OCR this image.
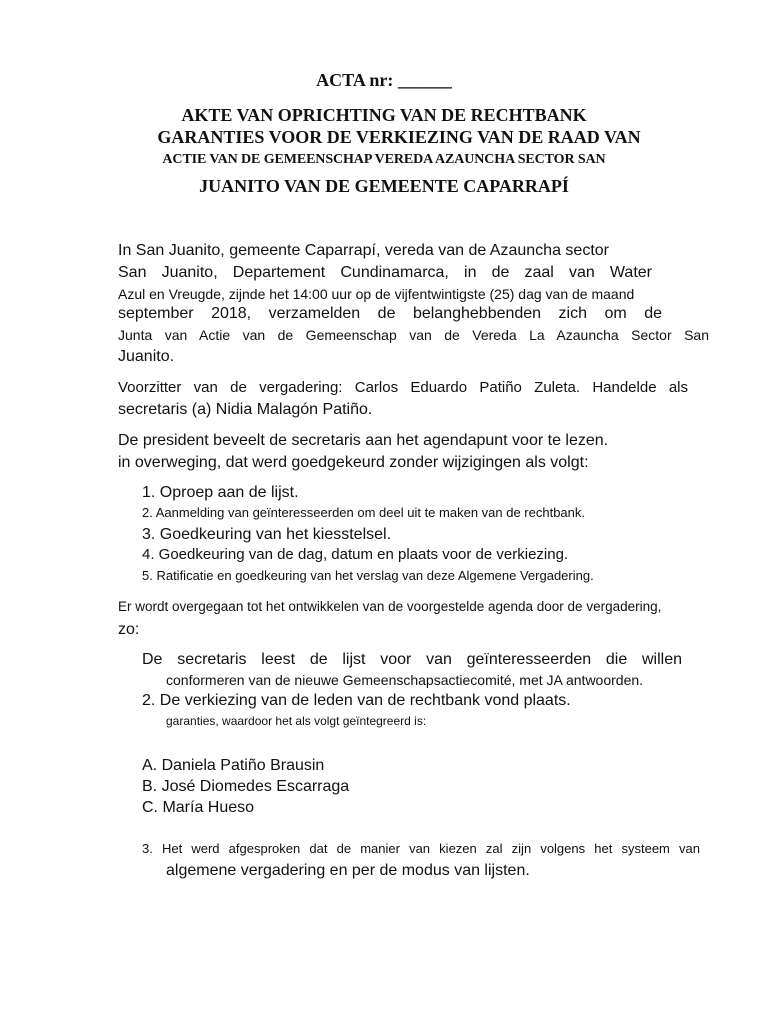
ACTA nr: ______
AKTE VAN OPRICHTING VAN DE RECHTBANK
GARANTIES VOOR DE VERKIEZING VAN DE RAAD VAN
ACTIE VAN DE GEMEENSCHAP VEREDA AZAUNCHA SECTOR SAN
JUANITO VAN DE GEMEENTE CAPARRAPÍ
In San Juanito, gemeente Caparrapí, vereda van de Azauncha sector
San Juanito, Departement Cundinamarca, in de zaal van Water
Azul en Vreugde, zijnde het 14:00 uur op de vijfentwintigste (25) dag van de maand
september 2018, verzamelden de belanghebbenden zich om de
Junta van Actie van de Gemeenschap van de Vereda La Azauncha Sector San
Juanito.
Voorzitter van de vergadering: Carlos Eduardo Patiño Zuleta. Handelde als
secretaris (a) Nidia Malagón Patiño.
De president beveelt de secretaris aan het agendapunt voor te lezen.
in overweging, dat werd goedgekeurd zonder wijzigingen als volgt:
1. Oproep aan de lijst.
2. Aanmelding van geïnteresseerden om deel uit te maken van de rechtbank.
3. Goedkeuring van het kiesstelsel.
4. Goedkeuring van de dag, datum en plaats voor de verkiezing.
5. Ratificatie en goedkeuring van het verslag van deze Algemene Vergadering.
Er wordt overgegaan tot het ontwikkelen van de voorgestelde agenda door de vergadering,
zo:
De secretaris leest de lijst voor van geïnteresseerden die willen
conformeren van de nieuwe Gemeenschapsactiecomité, met JA antwoorden.
2. De verkiezing van de leden van de rechtbank vond plaats.
garanties, waardoor het als volgt geïntegreerd is:
A. Daniela Patiño Brausin
B. José Diomedes Escarraga
C. María Hueso
3. Het werd afgesproken dat de manier van kiezen zal zijn volgens het systeem van
algemene vergadering en per de modus van lijsten.
